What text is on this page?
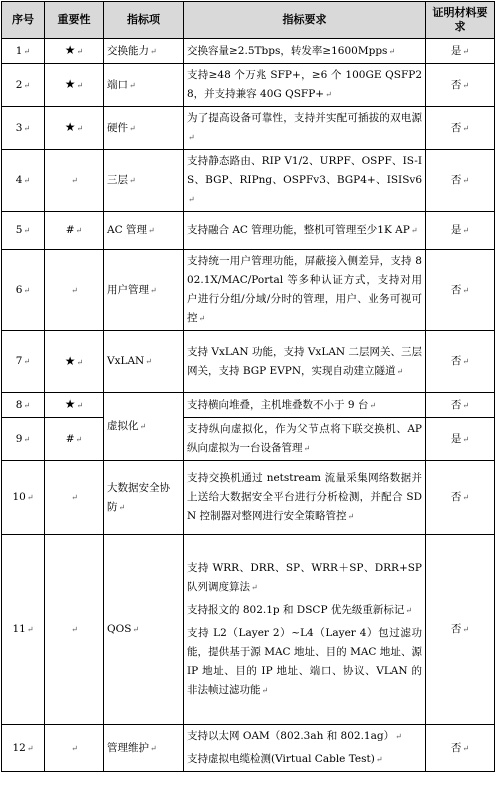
序号	重要性	指标项	指标要求	证明材料要求
1↵	★↵	交换能力↵	交换容量≥2.5Tbps，转发率≥1600Mpps↵	是↵
2↵	★↵	端口↵	支持≥48 个万兆 SFP+，≥6 个 100GE QSFP28，并支持兼容 40G QSFP+↵	否↵
3↵	★↵	硬件↵	为了提高设备可靠性，支持并实配可插拔的双电源↵	否↵
4↵	↵	三层↵	支持静态路由、RIP V1/2、URPF、OSPF、IS-IS、BGP、RIPng、OSPFv3、BGP4+、ISISv6↵	否↵
5↵	#↵	AC 管理↵	支持融合 AC 管理功能，整机可管理至少1K AP↵	是↵
6↵	↵	用户管理↵	支持统一用户管理功能，屏蔽接入侧差异，支持 802.1X/MAC/Portal 等多种认证方式，支持对用户进行分组/分域/分时的管理，用户、业务可视可控↵	否↵
7↵	★↵	VxLAN↵	支持 VxLAN 功能，支持 VxLAN 二层网关、三层网关，支持 BGP EVPN，实现自动建立隧道↵	否↵
8↵	★↵	虚拟化↵	支持横向堆叠，主机堆叠数不小于 9 台↵	否↵
9↵	#↵		支持纵向虚拟化，作为父节点将下联交换机、AP 纵向虚拟为一台设备管理↵	是↵
10↵	↵	大数据安全协防↵	支持交换机通过 netstream 流量采集网络数据并上送给大数据安全平台进行分析检测，并配合 SDN 控制器对整网进行安全策略管控↵	否↵
11↵	↵	QOS↵	支持 WRR、DRR、SP、WRR＋SP、DRR+SP 队列调度算法↵
支持报文的 802.1p 和 DSCP 优先级重新标记↵
支持 L2（Layer 2）~L4（Layer 4）包过滤功能，提供基于源 MAC 地址、目的 MAC 地址、源 IP 地址、目的 IP 地址、端口、协议、VLAN 的非法帧过滤功能↵	否↵
12↵	↵	管理维护↵	支持以太网 OAM（802.3ah 和 802.1ag）↵
支持虚拟电缆检测(Virtual Cable Test)↵	否↵
